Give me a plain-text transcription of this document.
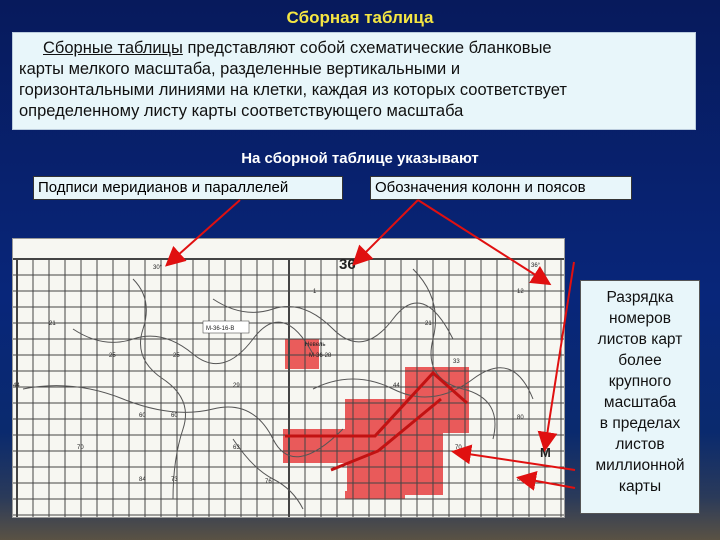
Сборная таблица
Сборные таблицы представляют собой схематические бланковые
карты мелкого масштаба, разделенные вертикальными и
горизонтальными линиями на клетки, каждая из которых соответствует
определенному листу карты соответствующего масштаба
На сборной таблице указывают
Подписи меридианов и параллелей	Обозначения колонн и поясов
36
М
30°	36°
М-36-16-В
М-36-28
Невель
21	21
25	25
29
33
44	44
60	60
63
70	70
73	76
80
84	84
12
1	Разрядка
номеров
листов карт
более
крупного
масштаба
в пределах
листов
миллионной
карты
